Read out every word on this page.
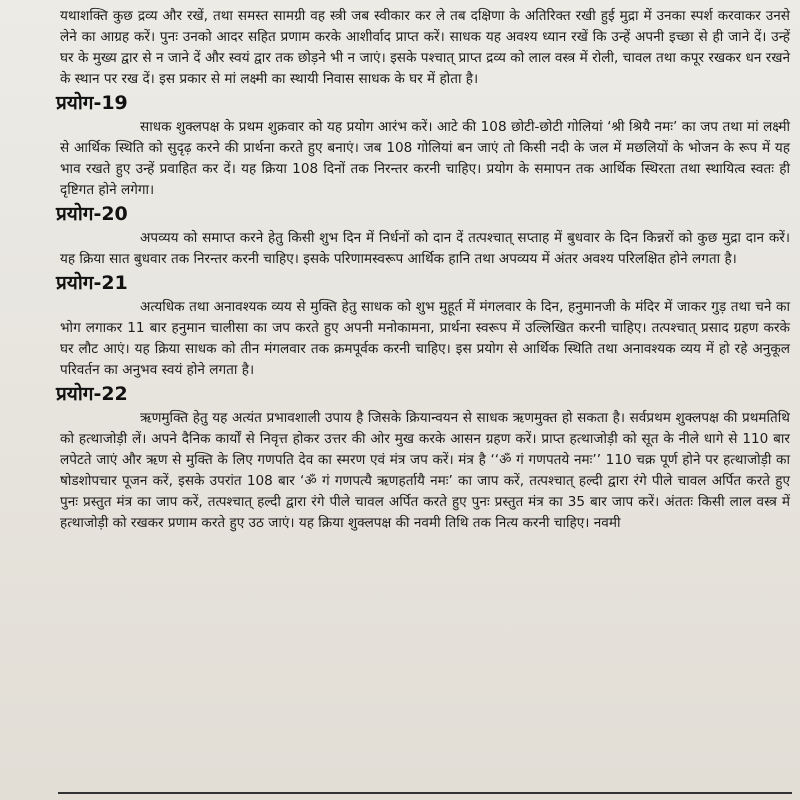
यथाशक्ति कुछ द्रव्य और रखें, तथा समस्त सामग्री वह स्त्री जब स्वीकार कर ले तब दक्षिणा के अतिरिक्त रखी हुई मुद्रा में उनका स्पर्श करवाकर उनसे लेने का आग्रह करें। पुनः उनको आदर सहित प्रणाम करके आशीर्वाद प्राप्त करें। साधक यह अवश्य ध्यान रखें कि उन्हें अपनी इच्छा से ही जाने दें। उन्हें घर के मुख्य द्वार से न जाने दें और स्वयं द्वार तक छोड़ने भी न जाएं। इसके पश्चात् प्राप्त द्रव्य को लाल वस्त्र में रोली, चावल तथा कपूर रखकर धन रखने के स्थान पर रख दें। इस प्रकार से मां लक्ष्मी का स्थायी निवास साधक के घर में होता है।

प्रयोग-19

साधक शुक्लपक्ष के प्रथम शुक्रवार को यह प्रयोग आरंभ करें। आटे की 108 छोटी-छोटी गोलियां ‘श्री श्रियै नमः’ का जप तथा मां लक्ष्मी से आर्थिक स्थिति को सुदृढ़ करने की प्रार्थना करते हुए बनाएं। जब 108 गोलियां बन जाएं तो किसी नदी के जल में मछलियों के भोजन के रूप में यह भाव रखते हुए उन्हें प्रवाहित कर दें। यह क्रिया 108 दिनों तक निरन्तर करनी चाहिए। प्रयोग के समापन तक आर्थिक स्थिरता तथा स्थायित्व स्वतः ही दृष्टिगत होने लगेगा।

प्रयोग-20

अपव्यय को समाप्त करने हेतु किसी शुभ दिन में निर्धनों को दान दें तत्पश्चात् सप्ताह में बुधवार के दिन किन्नरों को कुछ मुद्रा दान करें। यह क्रिया सात बुधवार तक निरन्तर करनी चाहिए। इसके परिणामस्वरूप आर्थिक हानि तथा अपव्यय में अंतर अवश्य परिलक्षित होने लगता है।

प्रयोग-21

अत्यधिक तथा अनावश्यक व्यय से मुक्ति हेतु साधक को शुभ मुहूर्त में मंगलवार के दिन, हनुमानजी के मंदिर में जाकर गुड़ तथा चने का भोग लगाकर 11 बार हनुमान चालीसा का जप करते हुए अपनी मनोकामना, प्रार्थना स्वरूप में उल्लिखित करनी चाहिए। तत्पश्चात् प्रसाद ग्रहण करके घर लौट आएं। यह क्रिया साधक को तीन मंगलवार तक क्रमपूर्वक करनी चाहिए। इस प्रयोग से आर्थिक स्थिति तथा अनावश्यक व्यय में हो रहे अनुकूल परिवर्तन का अनुभव स्वयं होने लगता है।

प्रयोग-22

ऋणमुक्ति हेतु यह अत्यंत प्रभावशाली उपाय है जिसके क्रियान्वयन से साधक ऋणमुक्त हो सकता है। सर्वप्रथम शुक्लपक्ष की प्रथमतिथि को हत्थाजोड़ी लें। अपने दैनिक कार्यों से निवृत्त होकर उत्तर की ओर मुख करके आसन ग्रहण करें। प्राप्त हत्थाजोड़ी को सूत के नीले धागे से 110 बार लपेटते जाएं और ऋण से मुक्ति के लिए गणपति देव का स्मरण एवं मंत्र जप करें। मंत्र है ‘‘ॐ गं गणपतये नमः’’ 110 चक्र पूर्ण होने पर हत्थाजोड़ी का षोडशोपचार पूजन करें, इसके उपरांत 108 बार ‘ॐ गं गणपत्यै ऋणहर्तायै नमः’ का जाप करें, तत्पश्चात् हल्दी द्वारा रंगे पीले चावल अर्पित करते हुए पुनः प्रस्तुत मंत्र का जाप करें, तत्पश्चात् हल्दी द्वारा रंगे पीले चावल अर्पित करते हुए पुनः प्रस्तुत मंत्र का 35 बार जाप करें। अंततः किसी लाल वस्त्र में हत्थाजोड़ी को रखकर प्रणाम करते हुए उठ जाएं। यह क्रिया शुक्लपक्ष की नवमी तिथि तक नित्य करनी चाहिए। नवमी
